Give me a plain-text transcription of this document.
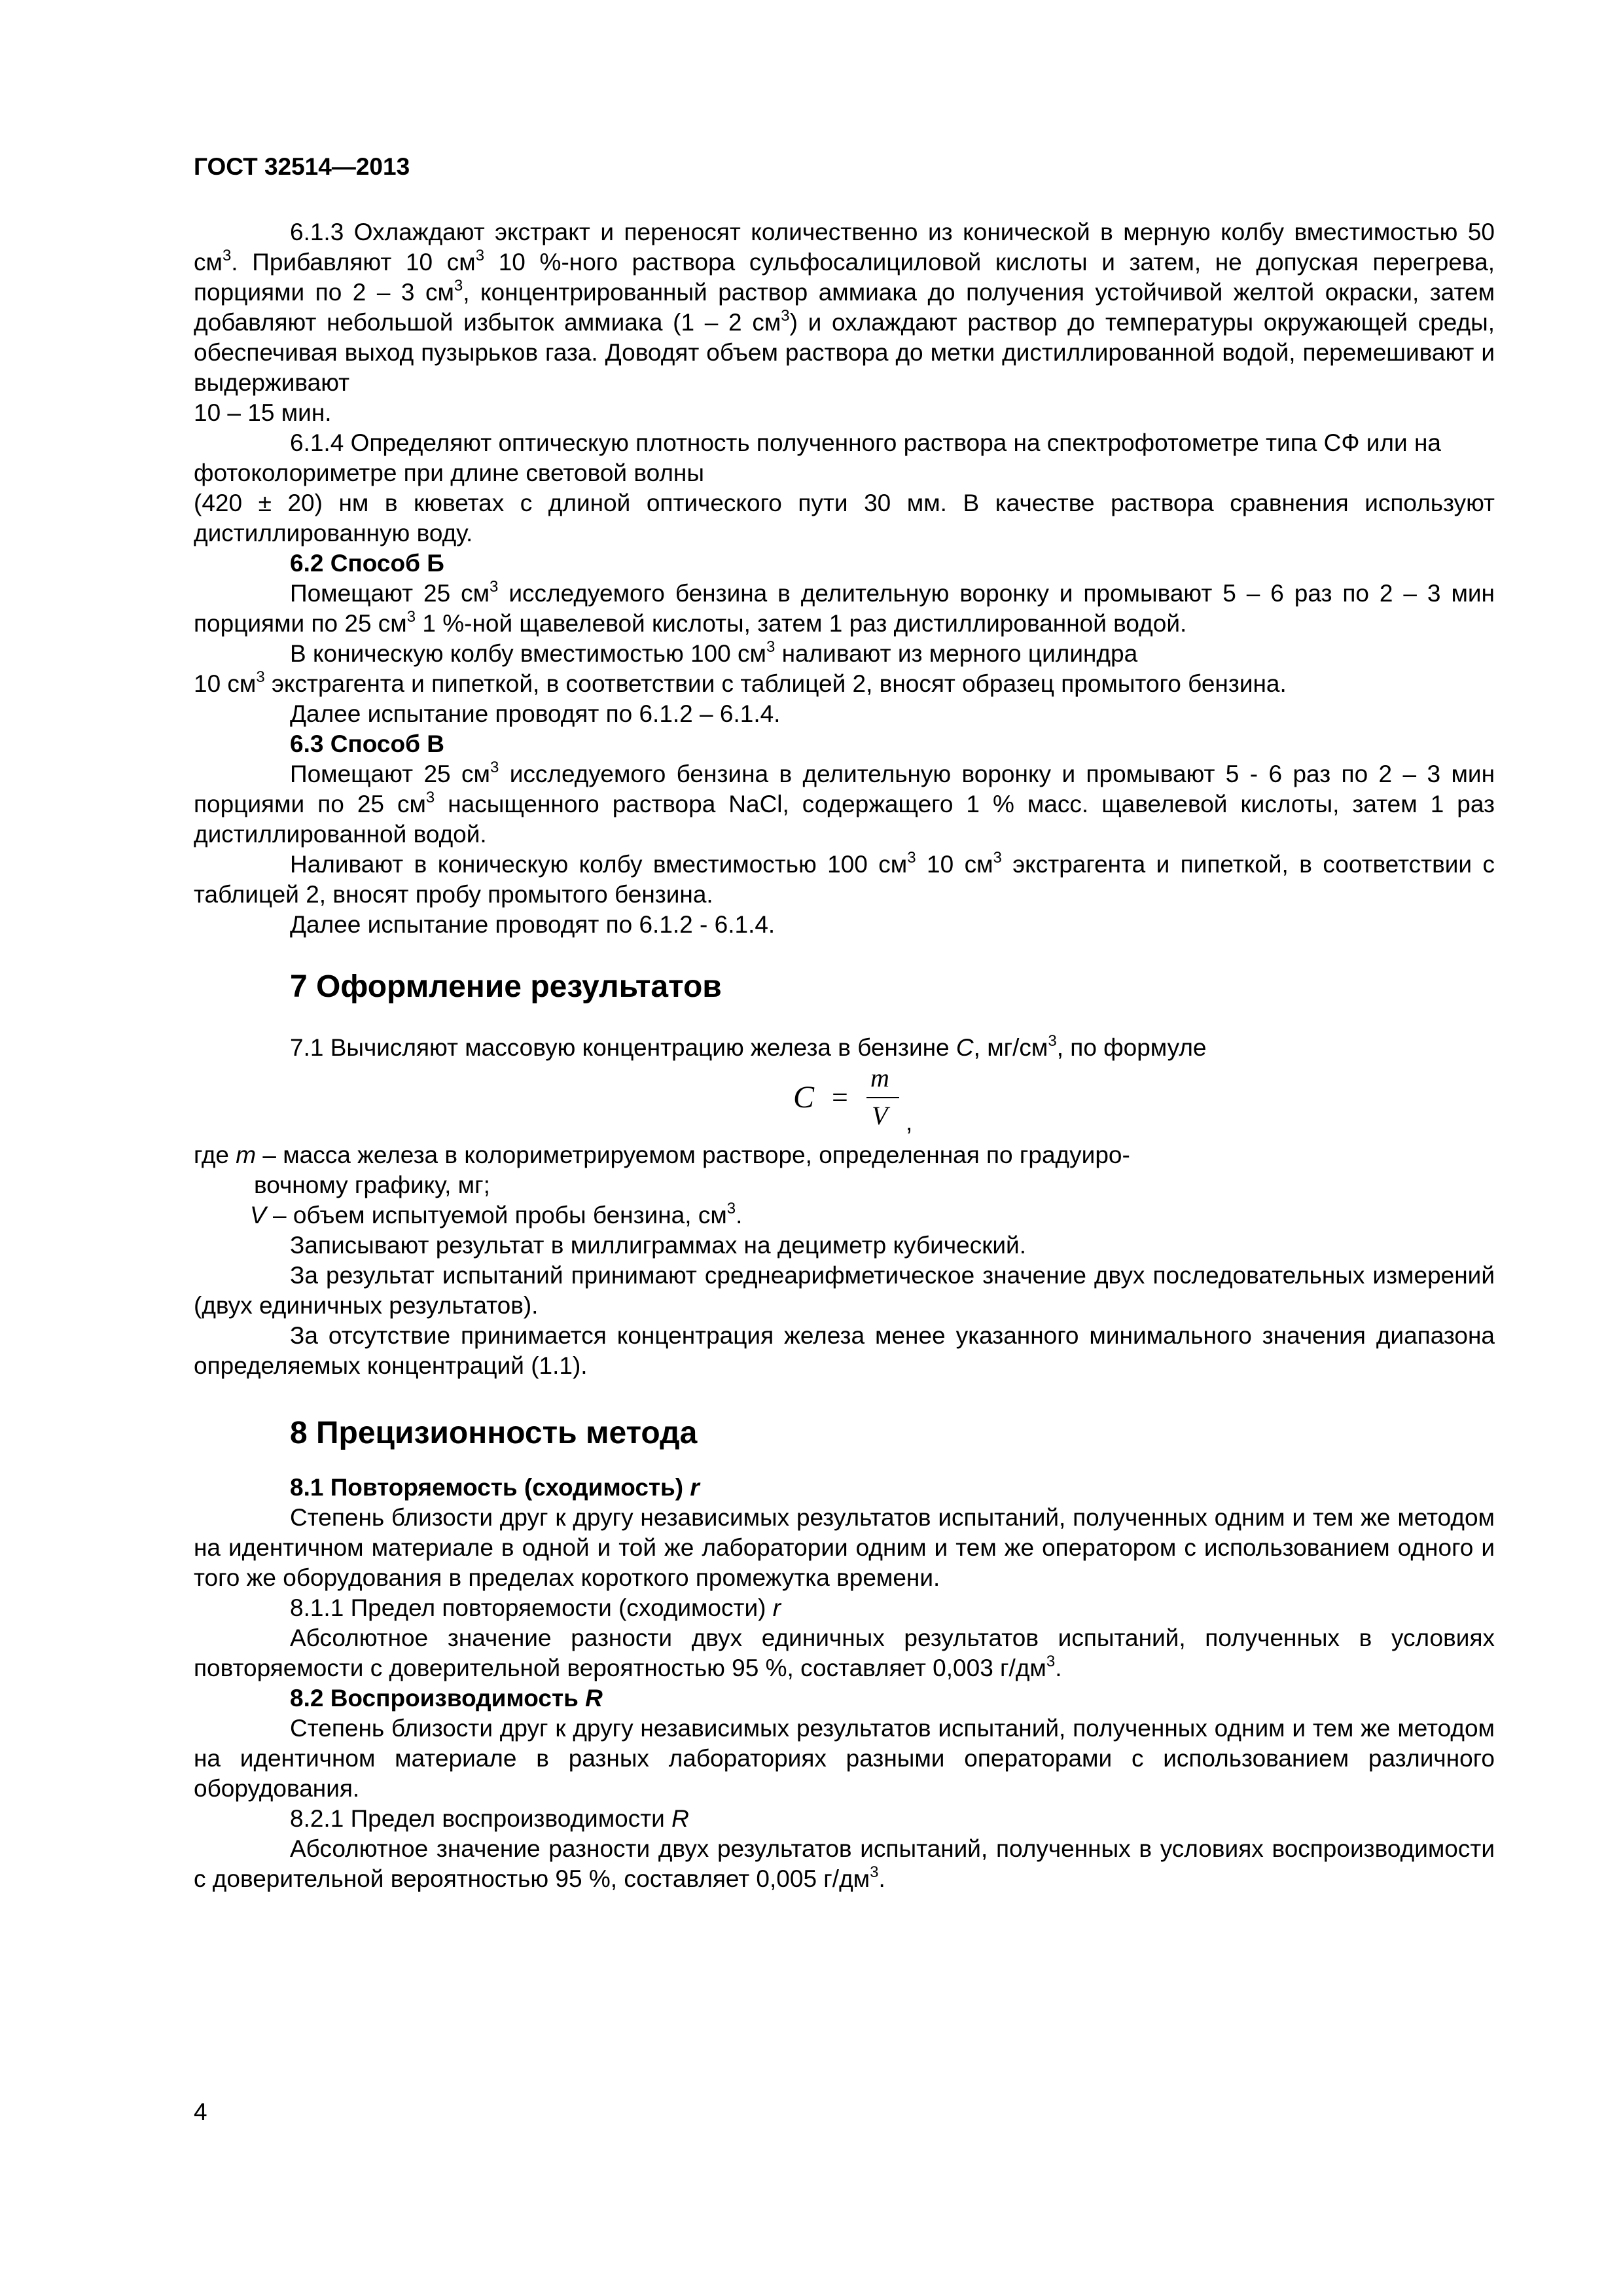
ГОСТ 32514—2013

6.1.3 Охлаждают экстракт и переносят количественно из конической в мерную колбу вместимостью 50 $см^3$. Прибавляют 10 $см^3$ 10 %-ного раствора сульфосалициловой кислоты и затем, не допуская перегрева, порциями по 2 – 3 $см^3$, концентрированный раствор аммиака до получения устойчивой желтой окраски, затем добавляют небольшой избыток аммиака (1 – 2 $см^3$) и охлаждают раствор до температуры окружающей среды, обеспечивая выход пузырьков газа. Доводят объем раствора до метки дистиллированной водой, перемешивают и выдерживают

10 – 15 мин.

6.1.4 Определяют оптическую плотность полученного раствора на спектрофотометре типа СФ или на фотоколориметре при длине световой волны

(420 ± 20) нм в кюветах с длиной оптического пути 30 мм. В качестве раствора сравнения используют дистиллированную воду.

6.2 Способ Б

Помещают 25 $см^3$ исследуемого бензина в делительную воронку и промывают 5 – 6 раз по 2 – 3 мин порциями по 25 $см^3$ 1 %-ной щавелевой кислоты, затем 1 раз дистиллированной водой.

В коническую колбу вместимостью 100 $см^3$ наливают из мерного цилиндра

10 $см^3$ экстрагента и пипеткой, в соответствии с таблицей 2, вносят образец промытого бензина.

Далее испытание проводят по 6.1.2 – 6.1.4.

6.3 Способ В

Помещают 25 $см^3$ исследуемого бензина в делительную воронку и промывают 5 - 6 раз по 2 – 3 мин порциями по 25 $см^3$ насыщенного раствора NaCl, содержащего 1 % масс. щавелевой кислоты, затем 1 раз дистиллированной водой.

Наливают в коническую колбу вместимостью 100 $см^3$ 10 $см^3$ экстрагента и пипеткой, в соответствии с таблицей 2, вносят пробу промытого бензина.

Далее испытание проводят по 6.1.2 - 6.1.4.

7 Оформление результатов

7.1 Вычисляют массовую концентрацию железа в бензине C, $мг/см^3$, по формуле

C =
m
V ,

где m – масса железа в колориметрируемом растворе, определенная по градуиро-

вочному графику, мг;

V – объем испытуемой пробы бензина, $см^3$.

Записывают результат в миллиграммах на дециметр кубический.

За результат испытаний принимают среднеарифметическое значение двух последовательных измерений (двух единичных результатов).

За отсутствие принимается концентрация железа менее указанного минимального значения диапазона определяемых концентраций (1.1).

8 Прецизионность метода

8.1 Повторяемость (сходимость) r

Степень близости друг к другу независимых результатов испытаний, полученных одним и тем же методом на идентичном материале в одной и той же лаборатории одним и тем же оператором с использованием одного и того же оборудования в пределах короткого промежутка времени.

8.1.1 Предел повторяемости (сходимости) r

Абсолютное значение разности двух единичных результатов испытаний, полученных в условиях повторяемости с доверительной вероятностью 95 %, составляет 0,003 $г/дм^3$.

8.2 Воспроизводимость R

Степень близости друг к другу независимых результатов испытаний, полученных одним и тем же методом на идентичном материале в разных лабораториях разными операторами с использованием различного оборудования.

8.2.1 Предел воспроизводимости R

Абсолютное значение разности двух результатов испытаний, полученных в условиях воспроизводимости с доверительной вероятностью 95 %, составляет 0,005 $г/дм^3$.

4
